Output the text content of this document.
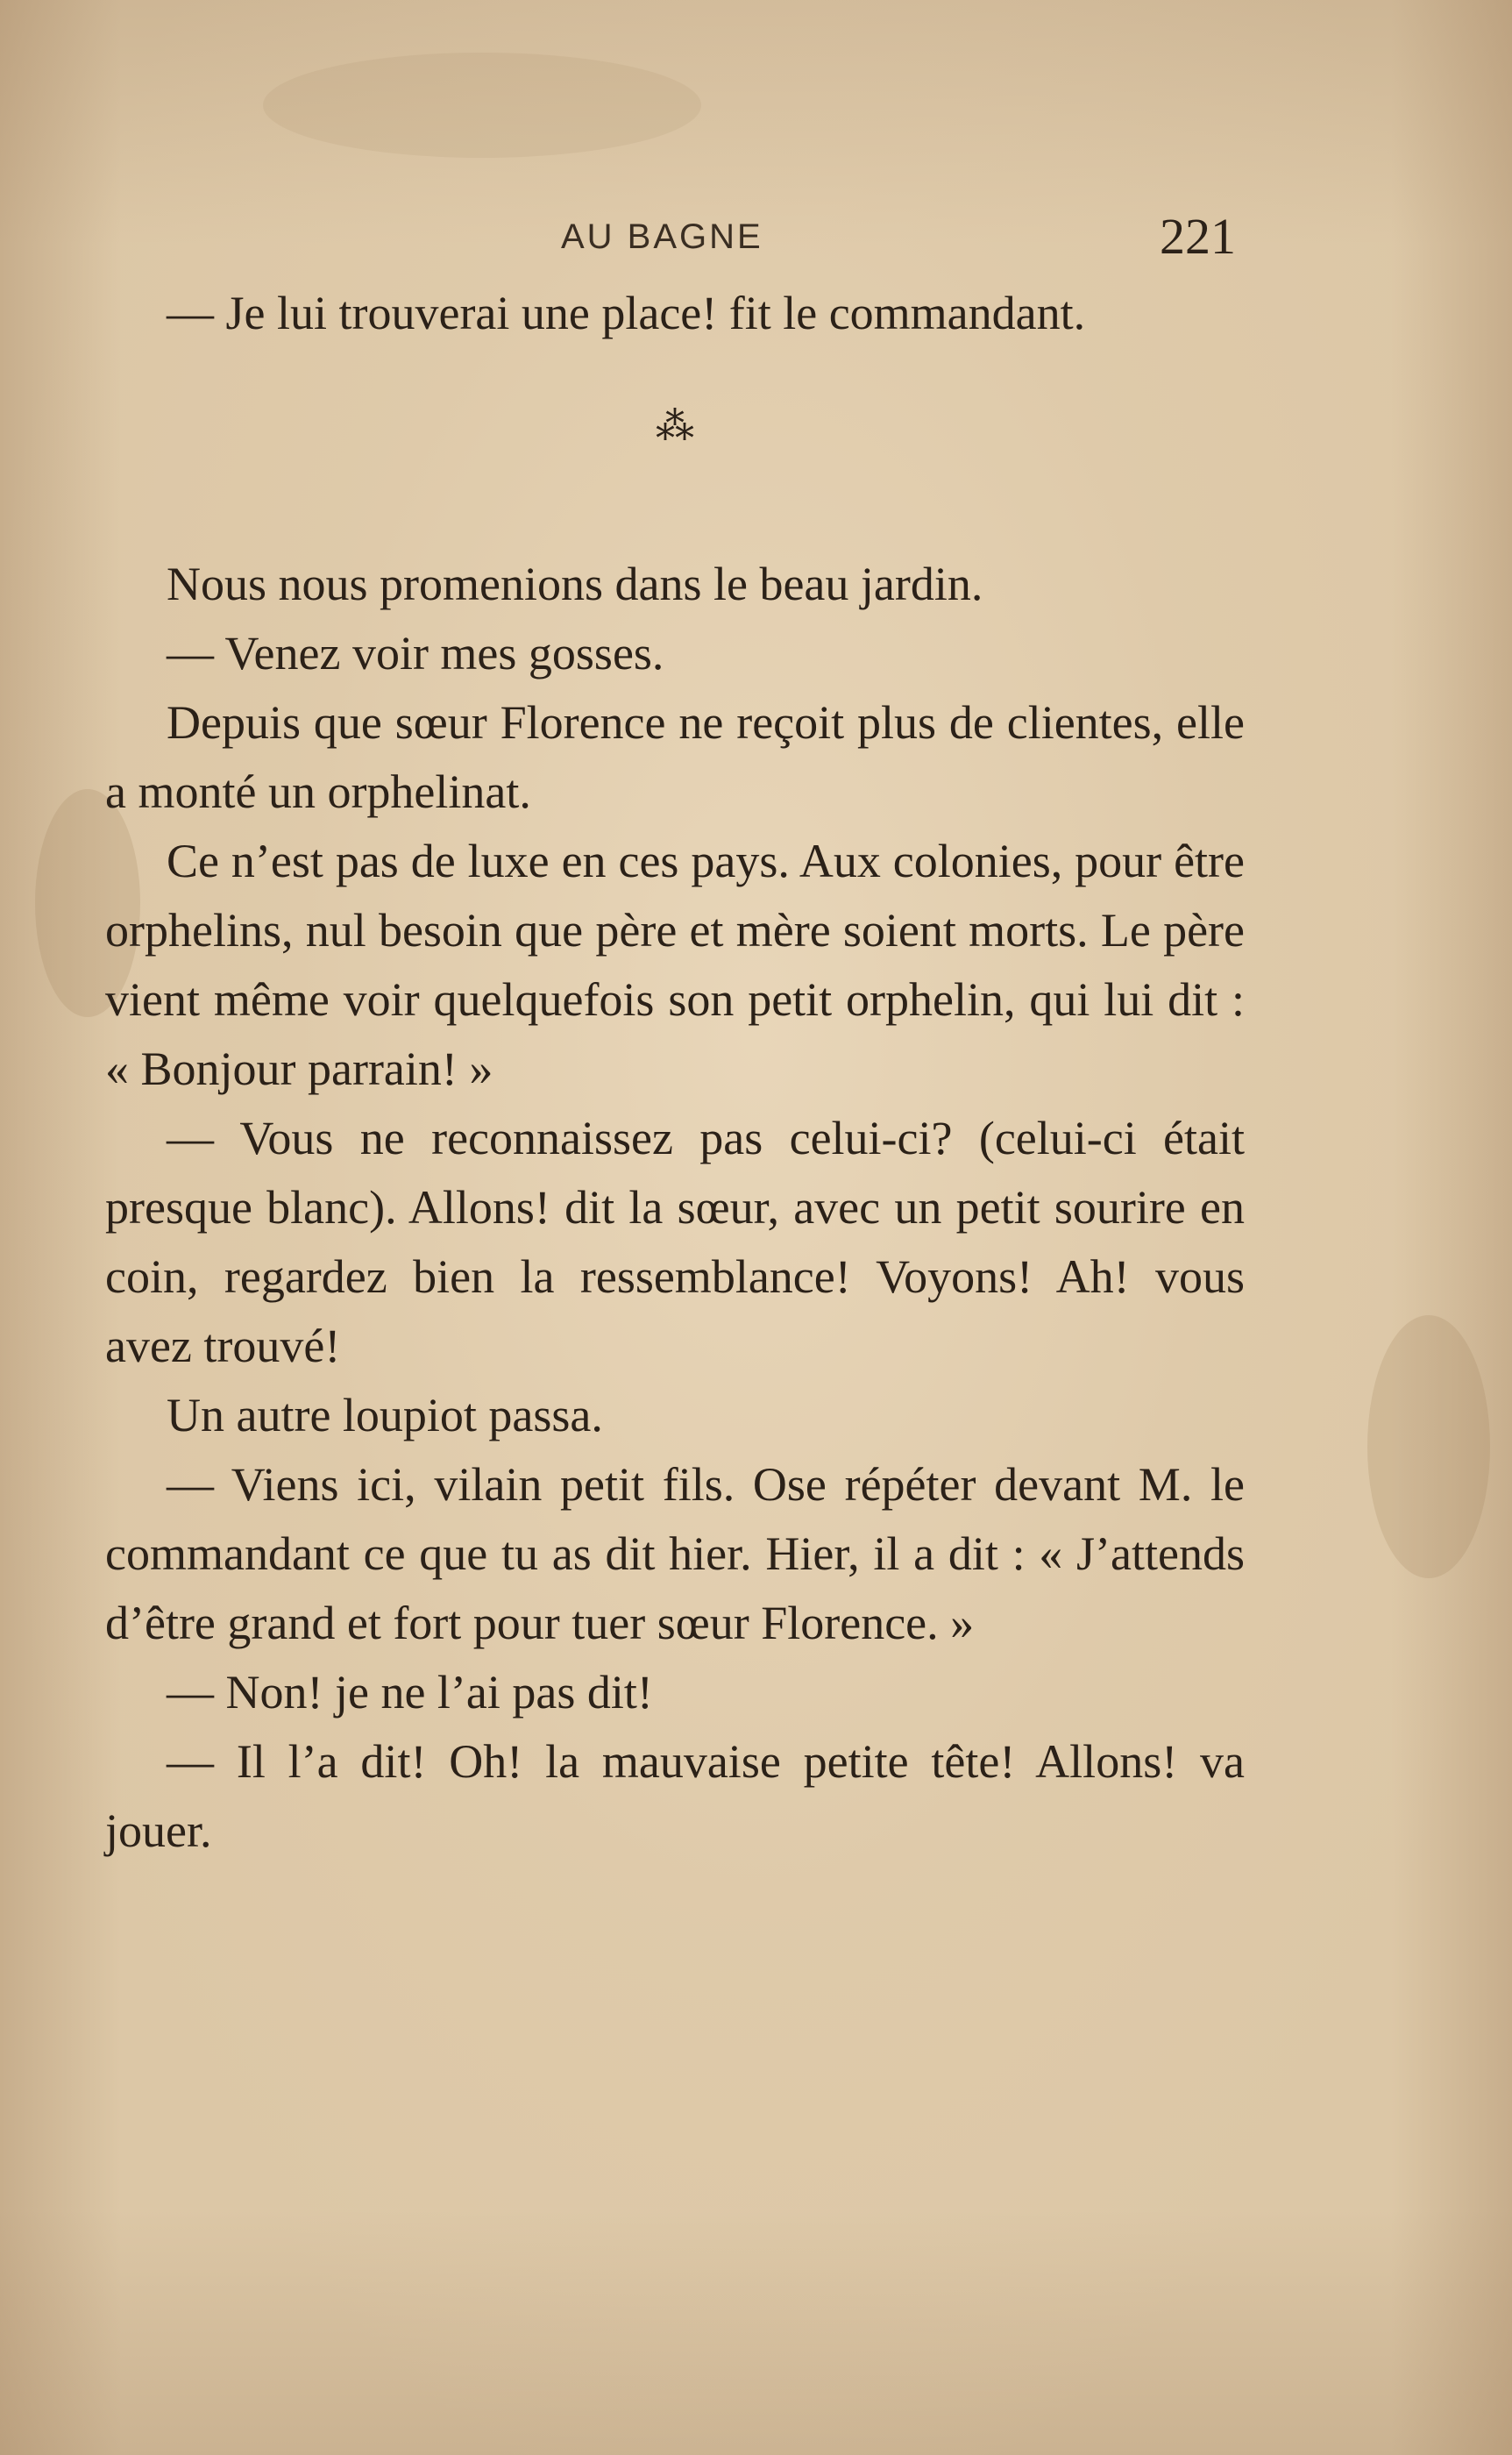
AU BAGNE	221

— Je lui trouverai une place! fit le commandant.

⁂

Nous nous promenions dans le beau jardin.

— Venez voir mes gosses.

Depuis que sœur Florence ne reçoit plus de clientes, elle a monté un orphelinat.

Ce n’est pas de luxe en ces pays. Aux colonies, pour être orphelins, nul besoin que père et mère soient morts. Le père vient même voir quelquefois son petit orphelin, qui lui dit : « Bonjour parrain! »

— Vous ne reconnaissez pas celui-ci? (celui-ci était presque blanc). Allons! dit la sœur, avec un petit sourire en coin, regardez bien la ressemblance! Voyons! Ah! vous avez trouvé!

Un autre loupiot passa.

— Viens ici, vilain petit fils. Ose répéter devant M. le commandant ce que tu as dit hier. Hier, il a dit : « J’attends d’être grand et fort pour tuer sœur Florence. »

— Non! je ne l’ai pas dit!

— Il l’a dit! Oh! la mauvaise petite tête! Allons! va jouer.
